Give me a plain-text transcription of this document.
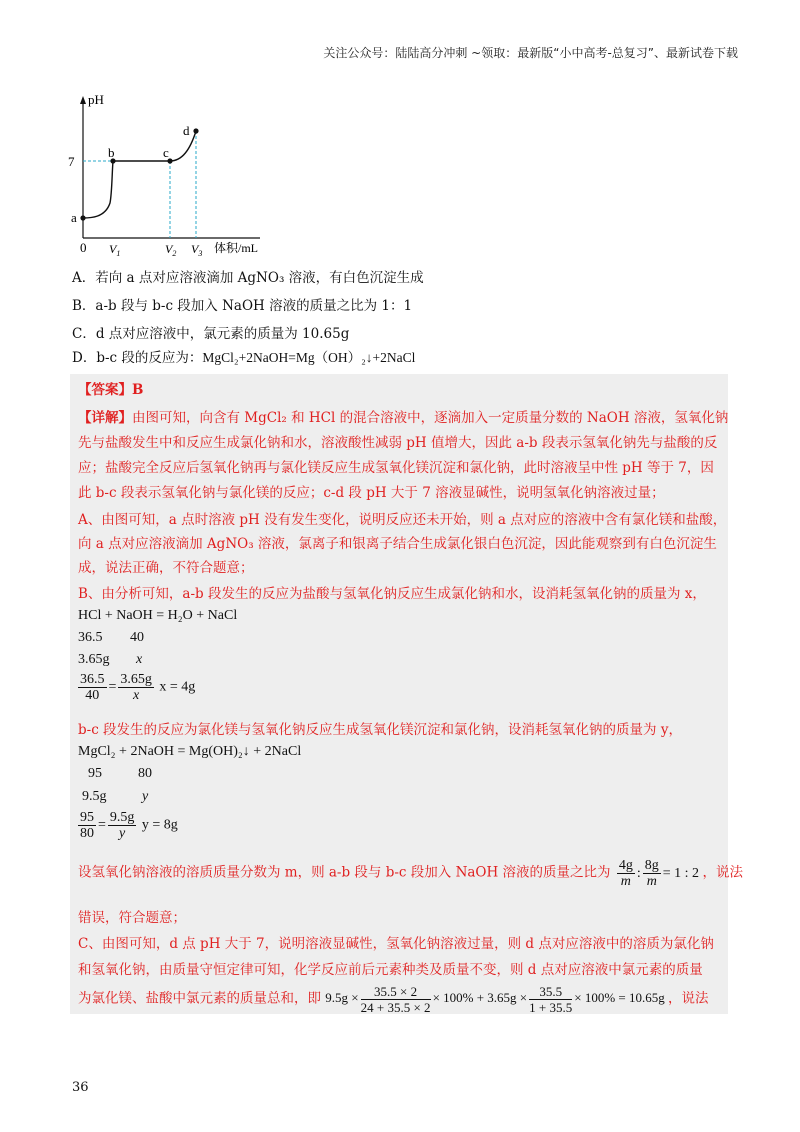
关注公众号：陆陆高分冲刺 ~领取：最新版“小中高考-总复习”、最新试卷下载
pH
7
a
b	c
d
0 $V_1$	$V_2$ $V_3$ 体积/mL
A．若向 a 点对应溶液滴加 AgNO₃ 溶液，有白色沉淀生成
B．a-b 段与 b-c 段加入 NaOH 溶液的质量之比为 1：1
C．d 点对应溶液中，氯元素的质量为 10.65g
D．b-c 段的反应为：MgCl₂+2NaOH=Mg（OH）₂↓+2NaCl
【答案】B
【详解】由图可知，向含有 MgCl₂ 和 HCl 的混合溶液中，逐滴加入一定质量分数的 NaOH 溶液，氢氧化钠
先与盐酸发生中和反应生成氯化钠和水，溶液酸性减弱 pH 值增大，因此 a-b 段表示氢氧化钠先与盐酸的反
应；盐酸完全反应后氢氧化钠再与氯化镁反应生成氢氧化镁沉淀和氯化钠，此时溶液呈中性 pH 等于 7，因
此 b-c 段表示氢氧化钠与氯化镁的反应；c-d 段 pH 大于 7 溶液显碱性，说明氢氧化钠溶液过量；
A、由图可知，a 点时溶液 pH 没有发生变化，说明反应还未开始，则 a 点对应的溶液中含有氯化镁和盐酸，
向 a 点对应溶液滴加 AgNO₃ 溶液，氯离子和银离子结合生成氯化银白色沉淀，因此能观察到有白色沉淀生
成，说法正确，不符合题意；
B、由分析可知，a-b 段发生的反应为盐酸与氢氧化钠反应生成氯化钠和水，设消耗氢氧化钠的质量为 x，
HCl + NaOH = H₂O + NaCl
36.5 40
3.65g x
$\frac{36.5}{40} = \frac{3.65g}{x}$ x = 4g
b-c 段发生的反应为氯化镁与氢氧化钠反应生成氢氧化镁沉淀和氯化钠，设消耗氢氧化钠的质量为 y，
MgCl₂ + 2NaOH = Mg(OH)₂↓ + 2NaCl
95	80
9.5g	y
$\frac{95}{80} = \frac{9.5g}{y}$ y = 8g
设氢氧化钠溶液的溶质质量分数为 m，则 a-b 段与 b-c 段加入 NaOH 溶液的质量之比为 $\frac{4g}{m}$ : $\frac{8g}{m} = 1$ : 2 ，说法
错误，符合题意；
C、由图可知，d 点 pH 大于 7，说明溶液显碱性，氢氧化钠溶液过量，则 d 点对应溶液中的溶质为氯化钠
和氢氧化钠，由质量守恒定律可知，化学反应前后元素种类及质量不变，则 d 点对应溶液中氯元素的质量
为氯化镁、盐酸中氯元素的质量总和，即 $9.5g \times \frac{35.5 \times 2}{24 + 35.5 \times 2} \times 100\% + 3.65g \times \frac{35.5}{1 + 35.5} \times 100\% = 10.65g$ ，说法
36
